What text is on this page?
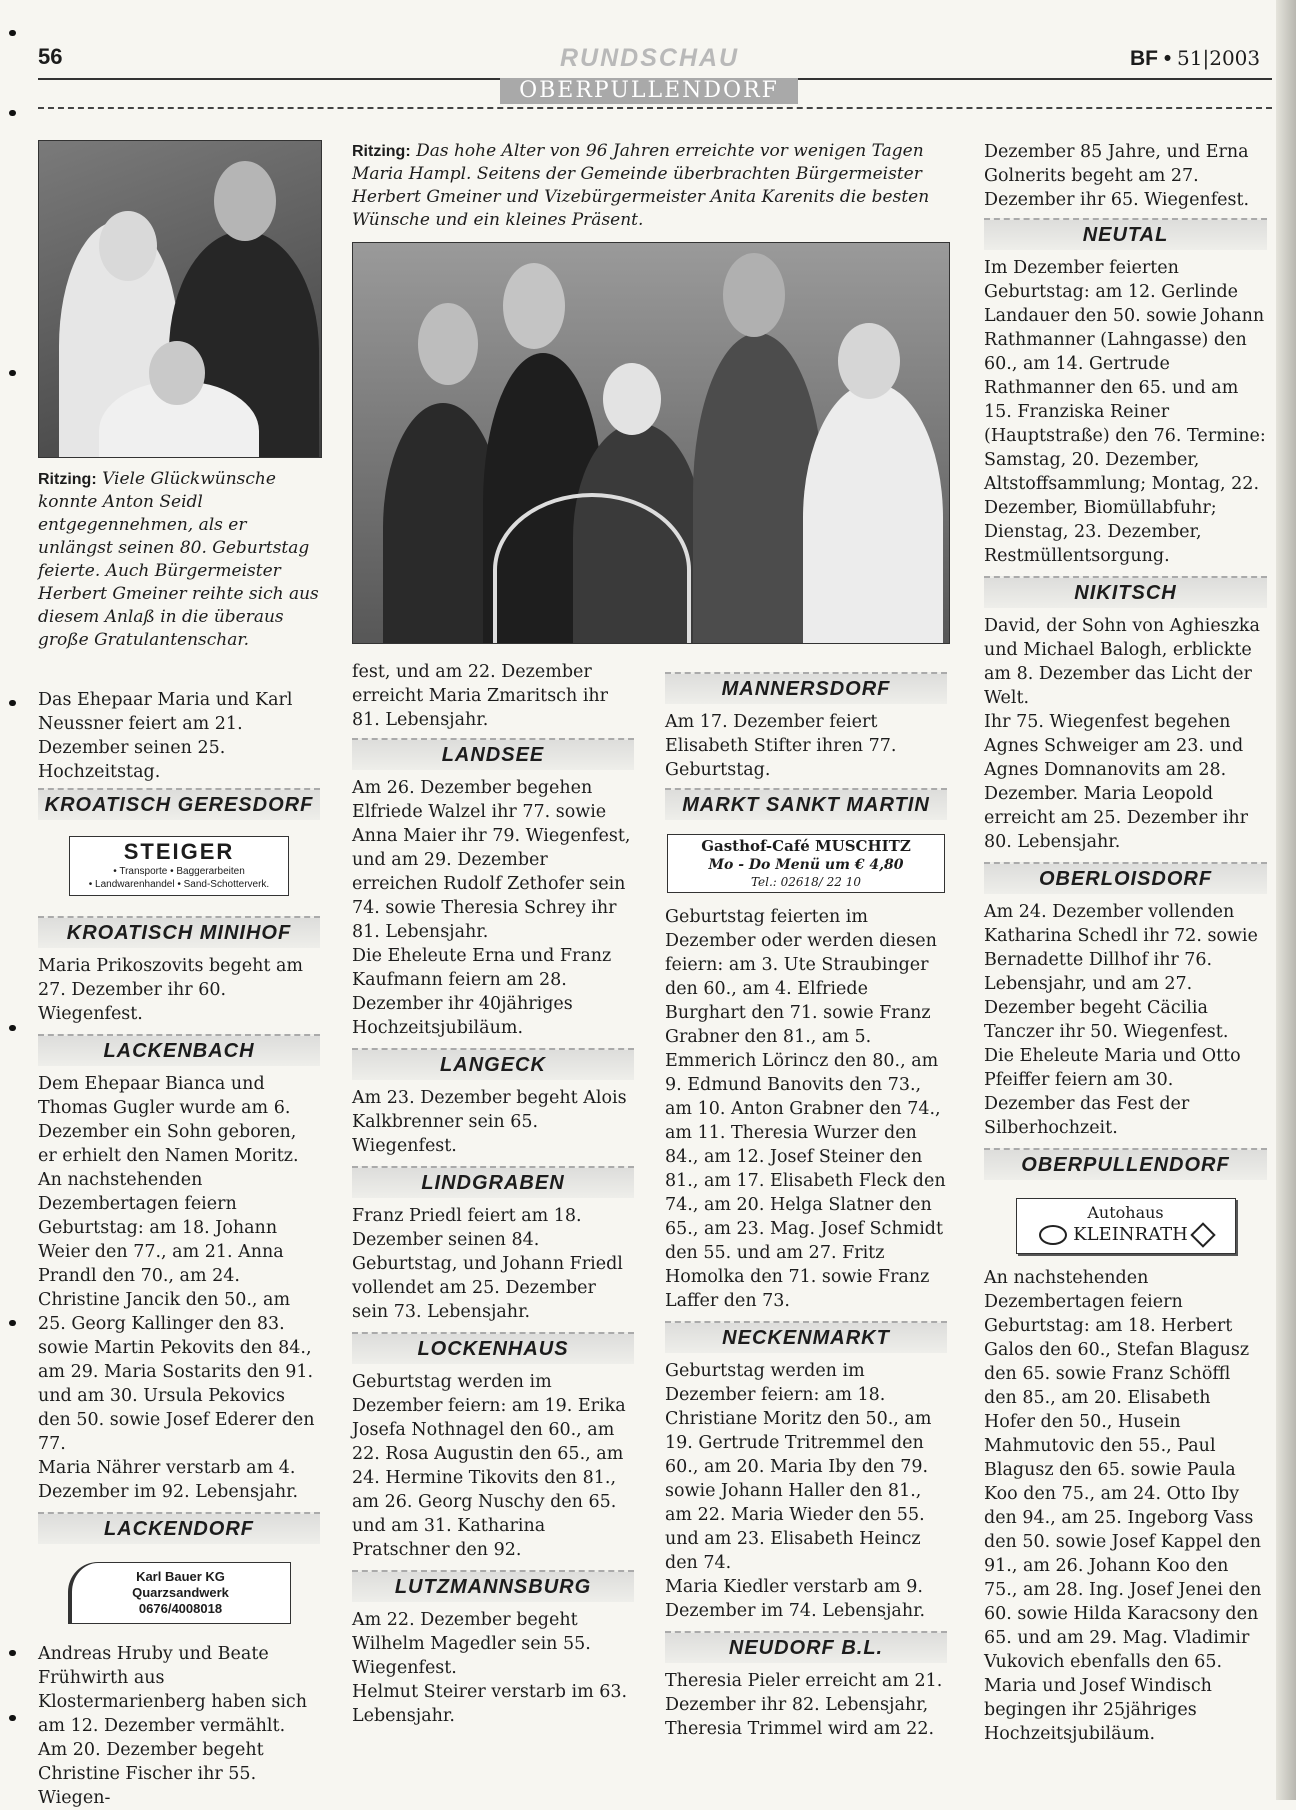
56	RUNDSCHAU	BF • 51|2003
OBERPULLENDORF

Ritzing: Viele Glückwünsche konnte Anton Seidl entgegennehmen, als er unlängst seinen 80. Geburtstag feierte. Auch Bürgermeister Herbert Gmeiner reihte sich aus diesem Anlaß in die überaus große Gratulantenschar.

Das Ehepaar Maria und Karl Neussner feiert am 21. Dezember seinen 25. Hochzeitstag.

KROATISCH GERESDORF
STEIGER
• Transporte • Baggerarbeiten
• Landwarenhandel • Sand-Schotterverk.
KROATISCH MINIHOF

Maria Prikoszovits begeht am 27. Dezember ihr 60. Wiegenfest.

LACKENBACH

Dem Ehepaar Bianca und Thomas Gugler wurde am 6. Dezember ein Sohn geboren, er erhielt den Namen Moritz.

An nachstehenden Dezembertagen feiern Geburtstag: am 18. Johann Weier den 77., am 21. Anna Prandl den 70., am 24. Christine Jancik den 50., am 25. Georg Kallinger den 83. sowie Martin Pekovits den 84., am 29. Maria Sostarits den 91. und am 30. Ursula Pekovics den 50. sowie Josef Ederer den 77.

Maria Nährer verstarb am 4. Dezember im 92. Lebensjahr.

LACKENDORF
Karl Bauer KG
Quarzsandwerk
0676/4008018

Andreas Hruby und Beate Frühwirth aus Klostermarienberg haben sich am 12. Dezember vermählt.

Am 20. Dezember begeht Christine Fischer ihr 55. Wiegen-

Ritzing: Das hohe Alter von 96 Jahren erreichte vor wenigen Tagen Maria Hampl. Seitens der Gemeinde überbrachten Bürgermeister Herbert Gmeiner und Vizebürgermeister Anita Karenits die besten Wünsche und ein kleines Präsent.

fest, und am 22. Dezember erreicht Maria Zmaritsch ihr 81. Lebensjahr.

LANDSEE

Am 26. Dezember begehen Elfriede Walzel ihr 77. sowie Anna Maier ihr 79. Wiegenfest, und am 29. Dezember erreichen Rudolf Zethofer sein 74. sowie Theresia Schrey ihr 81. Lebensjahr.

Die Eheleute Erna und Franz Kaufmann feiern am 28. Dezember ihr 40jähriges Hochzeitsjubiläum.

LANGECK

Am 23. Dezember begeht Alois Kalkbrenner sein 65. Wiegenfest.

LINDGRABEN

Franz Priedl feiert am 18. Dezember seinen 84. Geburtstag, und Johann Friedl vollendet am 25. Dezember sein 73. Lebensjahr.

LOCKENHAUS

Geburtstag werden im Dezember feiern: am 19. Erika Josefa Nothnagel den 60., am 22. Rosa Augustin den 65., am 24. Hermine Tikovits den 81., am 26. Georg Nuschy den 65. und am 31. Katharina Pratschner den 92.

LUTZMANNSBURG

Am 22. Dezember begeht Wilhelm Magedler sein 55. Wiegenfest.

Helmut Steirer verstarb im 63. Lebensjahr.

MANNERSDORF

Am 17. Dezember feiert Elisabeth Stifter ihren 77. Geburtstag.

MARKT SANKT MARTIN
Gasthof-Café MUSCHITZ
Mo - Do Menü um € 4,80
Tel.: 02618/ 22 10

Geburtstag feierten im Dezember oder werden diesen feiern: am 3. Ute Straubinger den 60., am 4. Elfriede Burghart den 71. sowie Franz Grabner den 81., am 5. Emmerich Lörincz den 80., am 9. Edmund Banovits den 73., am 10. Anton Grabner den 74., am 11. Theresia Wurzer den 84., am 12. Josef Steiner den 81., am 17. Elisabeth Fleck den 74., am 20. Helga Slatner den 65., am 23. Mag. Josef Schmidt den 55. und am 27. Fritz Homolka den 71. sowie Franz Laffer den 73.

NECKENMARKT

Geburtstag werden im Dezember feiern: am 18. Christiane Moritz den 50., am 19. Gertrude Tritremmel den 60., am 20. Maria Iby den 79. sowie Johann Haller den 81., am 22. Maria Wieder den 55. und am 23. Elisabeth Heincz den 74.

Maria Kiedler verstarb am 9. Dezember im 74. Lebensjahr.

NEUDORF B.L.

Theresia Pieler erreicht am 21. Dezember ihr 82. Lebensjahr, Theresia Trimmel wird am 22.

Dezember 85 Jahre, und Erna Golnerits begeht am 27. Dezember ihr 65. Wiegenfest.

NEUTAL

Im Dezember feierten Geburtstag: am 12. Gerlinde Landauer den 50. sowie Johann Rathmanner (Lahngasse) den 60., am 14. Gertrude Rathmanner den 65. und am 15. Franziska Reiner (Hauptstraße) den 76. Termine: Samstag, 20. Dezember, Altstoffsammlung; Montag, 22. Dezember, Biomüllabfuhr; Dienstag, 23. Dezember, Restmüllentsorgung.

NIKITSCH

David, der Sohn von Aghieszka und Michael Balogh, erblickte am 8. Dezember das Licht der Welt.

Ihr 75. Wiegenfest begehen Agnes Schweiger am 23. und Agnes Domnanovits am 28. Dezember. Maria Leopold erreicht am 25. Dezember ihr 80. Lebensjahr.

OBERLOISDORF

Am 24. Dezember vollenden Katharina Schedl ihr 72. sowie Bernadette Dillhof ihr 76. Lebensjahr, und am 27. Dezember begeht Cäcilia Tanczer ihr 50. Wiegenfest.

Die Eheleute Maria und Otto Pfeiffer feiern am 30. Dezember das Fest der Silberhochzeit.

OBERPULLENDORF
Autohaus
KLEINRATH

An nachstehenden Dezembertagen feiern Geburtstag: am 18. Herbert Galos den 60., Stefan Blagusz den 65. sowie Franz Schöffl den 85., am 20. Elisabeth Hofer den 50., Husein Mahmutovic den 55., Paul Blagusz den 65. sowie Paula Koo den 75., am 24. Otto Iby den 94., am 25. Ingeborg Vass den 50. sowie Josef Kappel den 91., am 26. Johann Koo den 75., am 28. Ing. Josef Jenei den 60. sowie Hilda Karacsony den 65. und am 29. Mag. Vladimir Vukovich ebenfalls den 65.

Maria und Josef Windisch begingen ihr 25jähriges Hochzeitsjubiläum.
